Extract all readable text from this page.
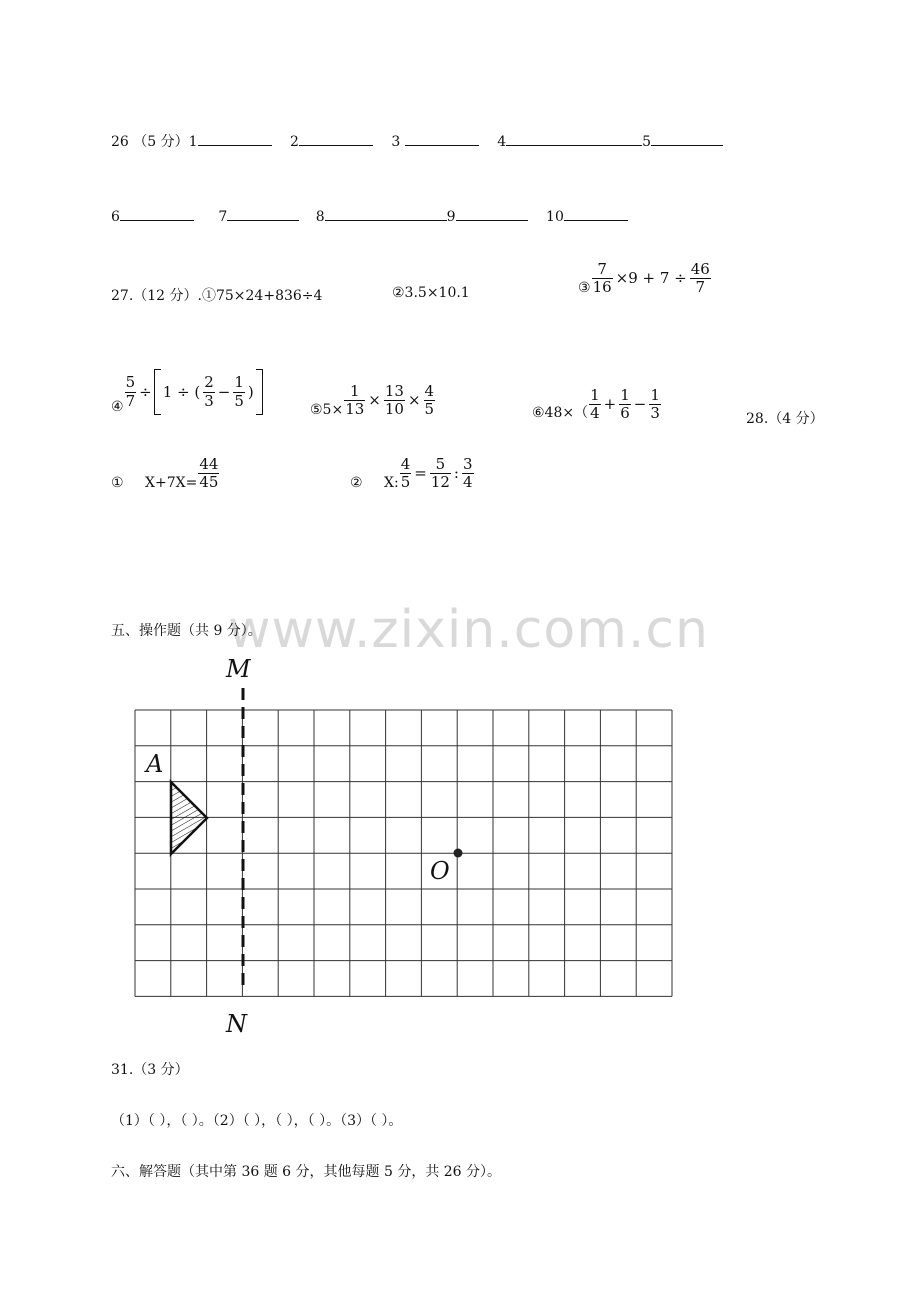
www.zixin.com.cn
26 （5 分）1	2	3	4	5
6	7	8	9	10
27.（12 分）.①75×24+836÷4	②3.5×10.1	③ $\frac{7}{16} \times 9 + 7 \div \frac{46}{7}$
④ $\frac{5}{7} \div 1$ ÷ ( $\frac{2}{3} - \frac{1}{5}$ )
⑤5× $\frac{1}{13} \times \frac{13}{10} \times \frac{4}{5}$	⑥48×（ $\frac{1}{4} + \frac{1}{6} - \frac{1}{3}$	28.（4 分）
① $X+7X= \frac{44}{45}$	② X: $\frac{4}{5} = \frac{5}{12}$ : $\frac{3}{4}$
五、操作题（共 9 分）。
M
A
O
N
31.（3 分）
（1）（ ），（ ）。（2）（ ），（ ），（ ）。（3）（ ）。
六、解答题（其中第 36 题 6 分，其他每题 5 分，共 26 分）。
